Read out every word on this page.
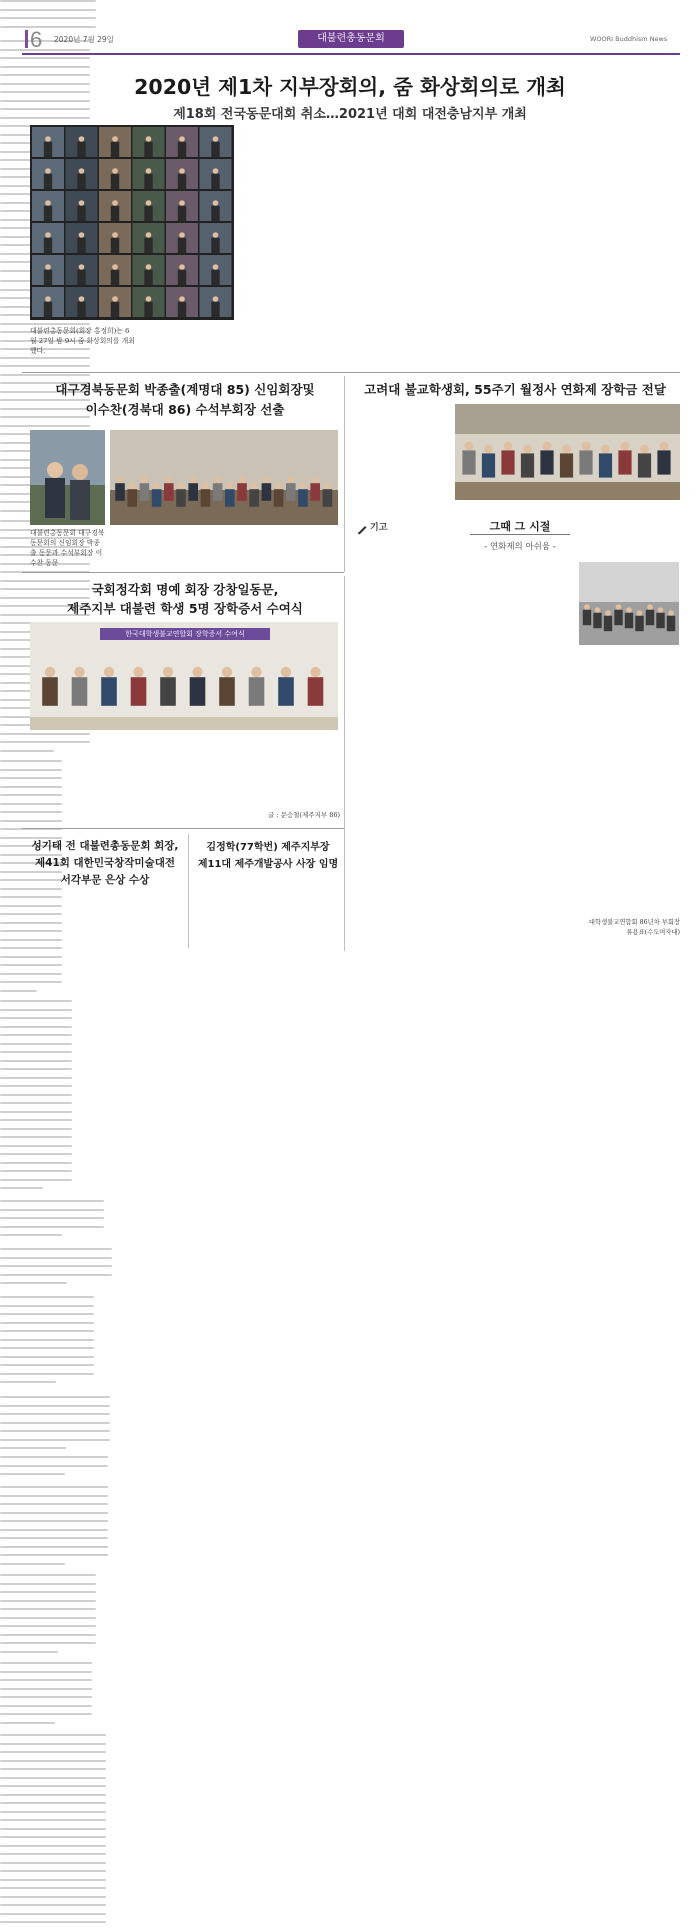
6 2020년 7월 29일	대불련총동문회	WOORI Buddhism News
2020년 제1차 지부장회의, 줌 화상회의로 개최
제18회 전국동문대회 취소…2021년 대회 대전충남지부 개최
대불련총동문회(회장 홍정희)는 6월 27일 밤 9시 줌 화상회의를 개최했다.
대구경북동문회 박종출(계명대 85) 신임회장및
이수찬(경북대 86) 수석부회장 선출
대불련총동문회 대구경북동문회의 신임회장 박종출 동문과 수석부회장 이수찬 동문
고려대 불교학생회, 55주기 월정사 연화제 장학금 전달
국회정각회 명예 회장 강창일동문,
제주지부 대불련 학생 5명 장학증서 수여식
한국대학생불교연합회 장학증서 수여식
글 : 문승철(제주지부 86)
기고	그때 그 시절
- 연화제의 아쉬움 -
대학생불교연합회 86년차 부회장
류용표(수도여자대)
성기태 전 대불련총동문회 회장,
제41회 대한민국창작미술대전
서각부문 은상 수상
김정학(77학번) 제주지부장
제11대 제주개발공사 사장 임명
